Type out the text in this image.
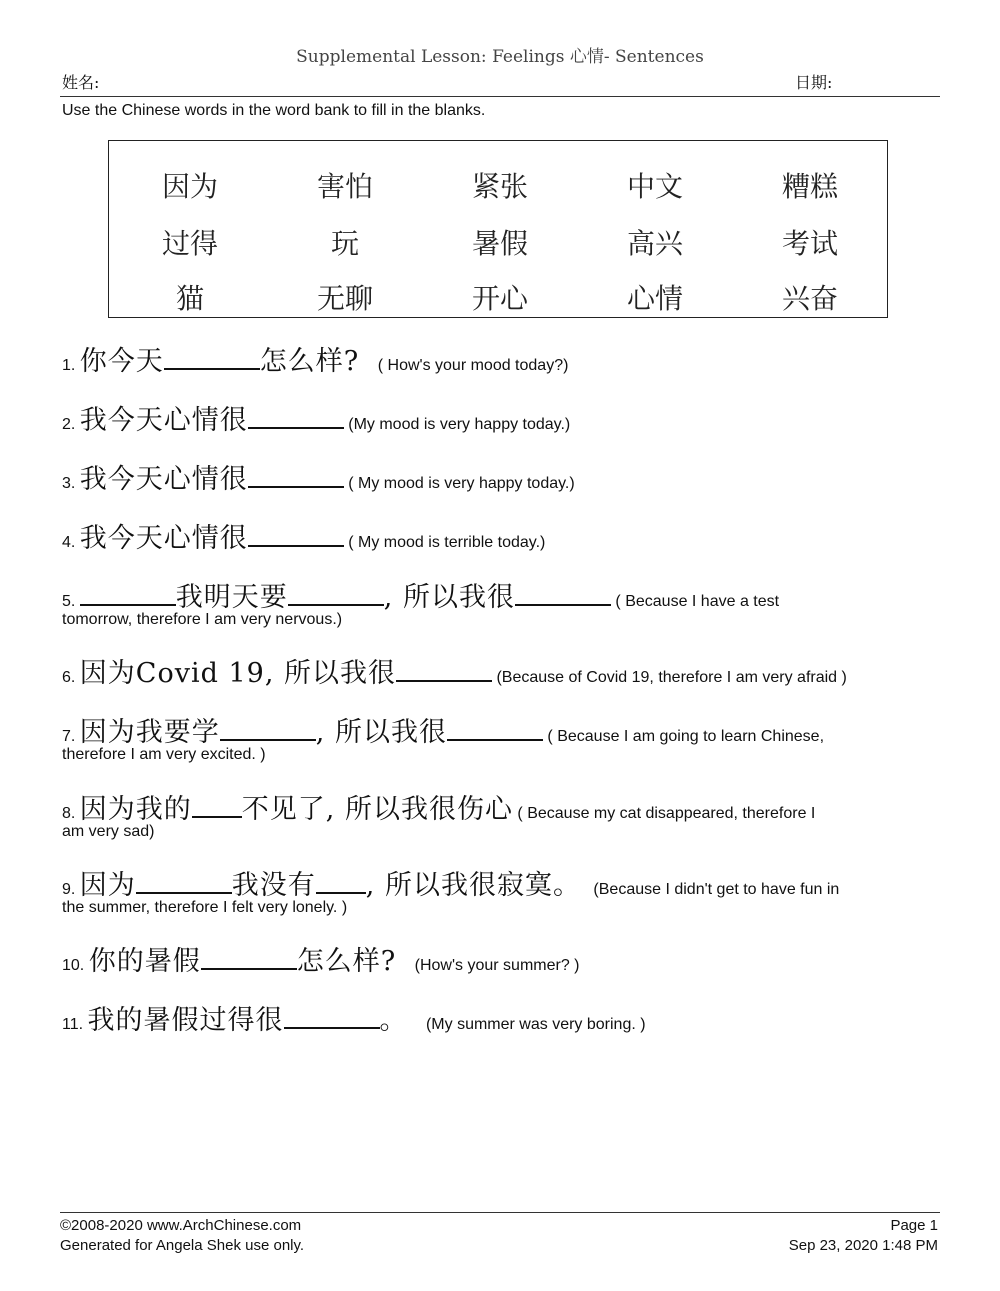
Supplemental Lesson: Feelings 心情- Sentences
姓名:	日期:
Use the Chinese words in the word bank to fill in the blanks.
因为	害怕	紧张	中文	糟糕
过得	玩	暑假	高兴	考试
猫	无聊	开心	心情	兴奋
1. 你今天	怎么样? ( How's your mood today?)
2. 我今天心情很	(My mood is very happy today.)
3. 我今天心情很	( My mood is very happy today.)
4. 我今天心情很	( My mood is terrible today.)
5.	我明天要	, 所以我很	( Because I have a test
tomorrow, therefore I am very nervous.)
6. 因为Covid 19, 所以我很	(Because of Covid 19, therefore I am very afraid )
7. 因为我要学	, 所以我很	( Because I am going to learn Chinese,
therefore I am very excited. )
8. 因为我的 不见了, 所以我很伤心 ( Because my cat disappeared, therefore I
am very sad)
9. 因为	我没有 , 所以我很寂寞。 (Because I didn't get to have fun in
the summer, therefore I felt very lonely. )
10. 你的暑假	怎么样? (How's your summer? )
11. 我的暑假过得很	。 (My summer was very boring. )
©2008-2020 www.ArchChinese.com
Generated for Angela Shek use only.
Page 1
Sep 23, 2020 1:48 PM
